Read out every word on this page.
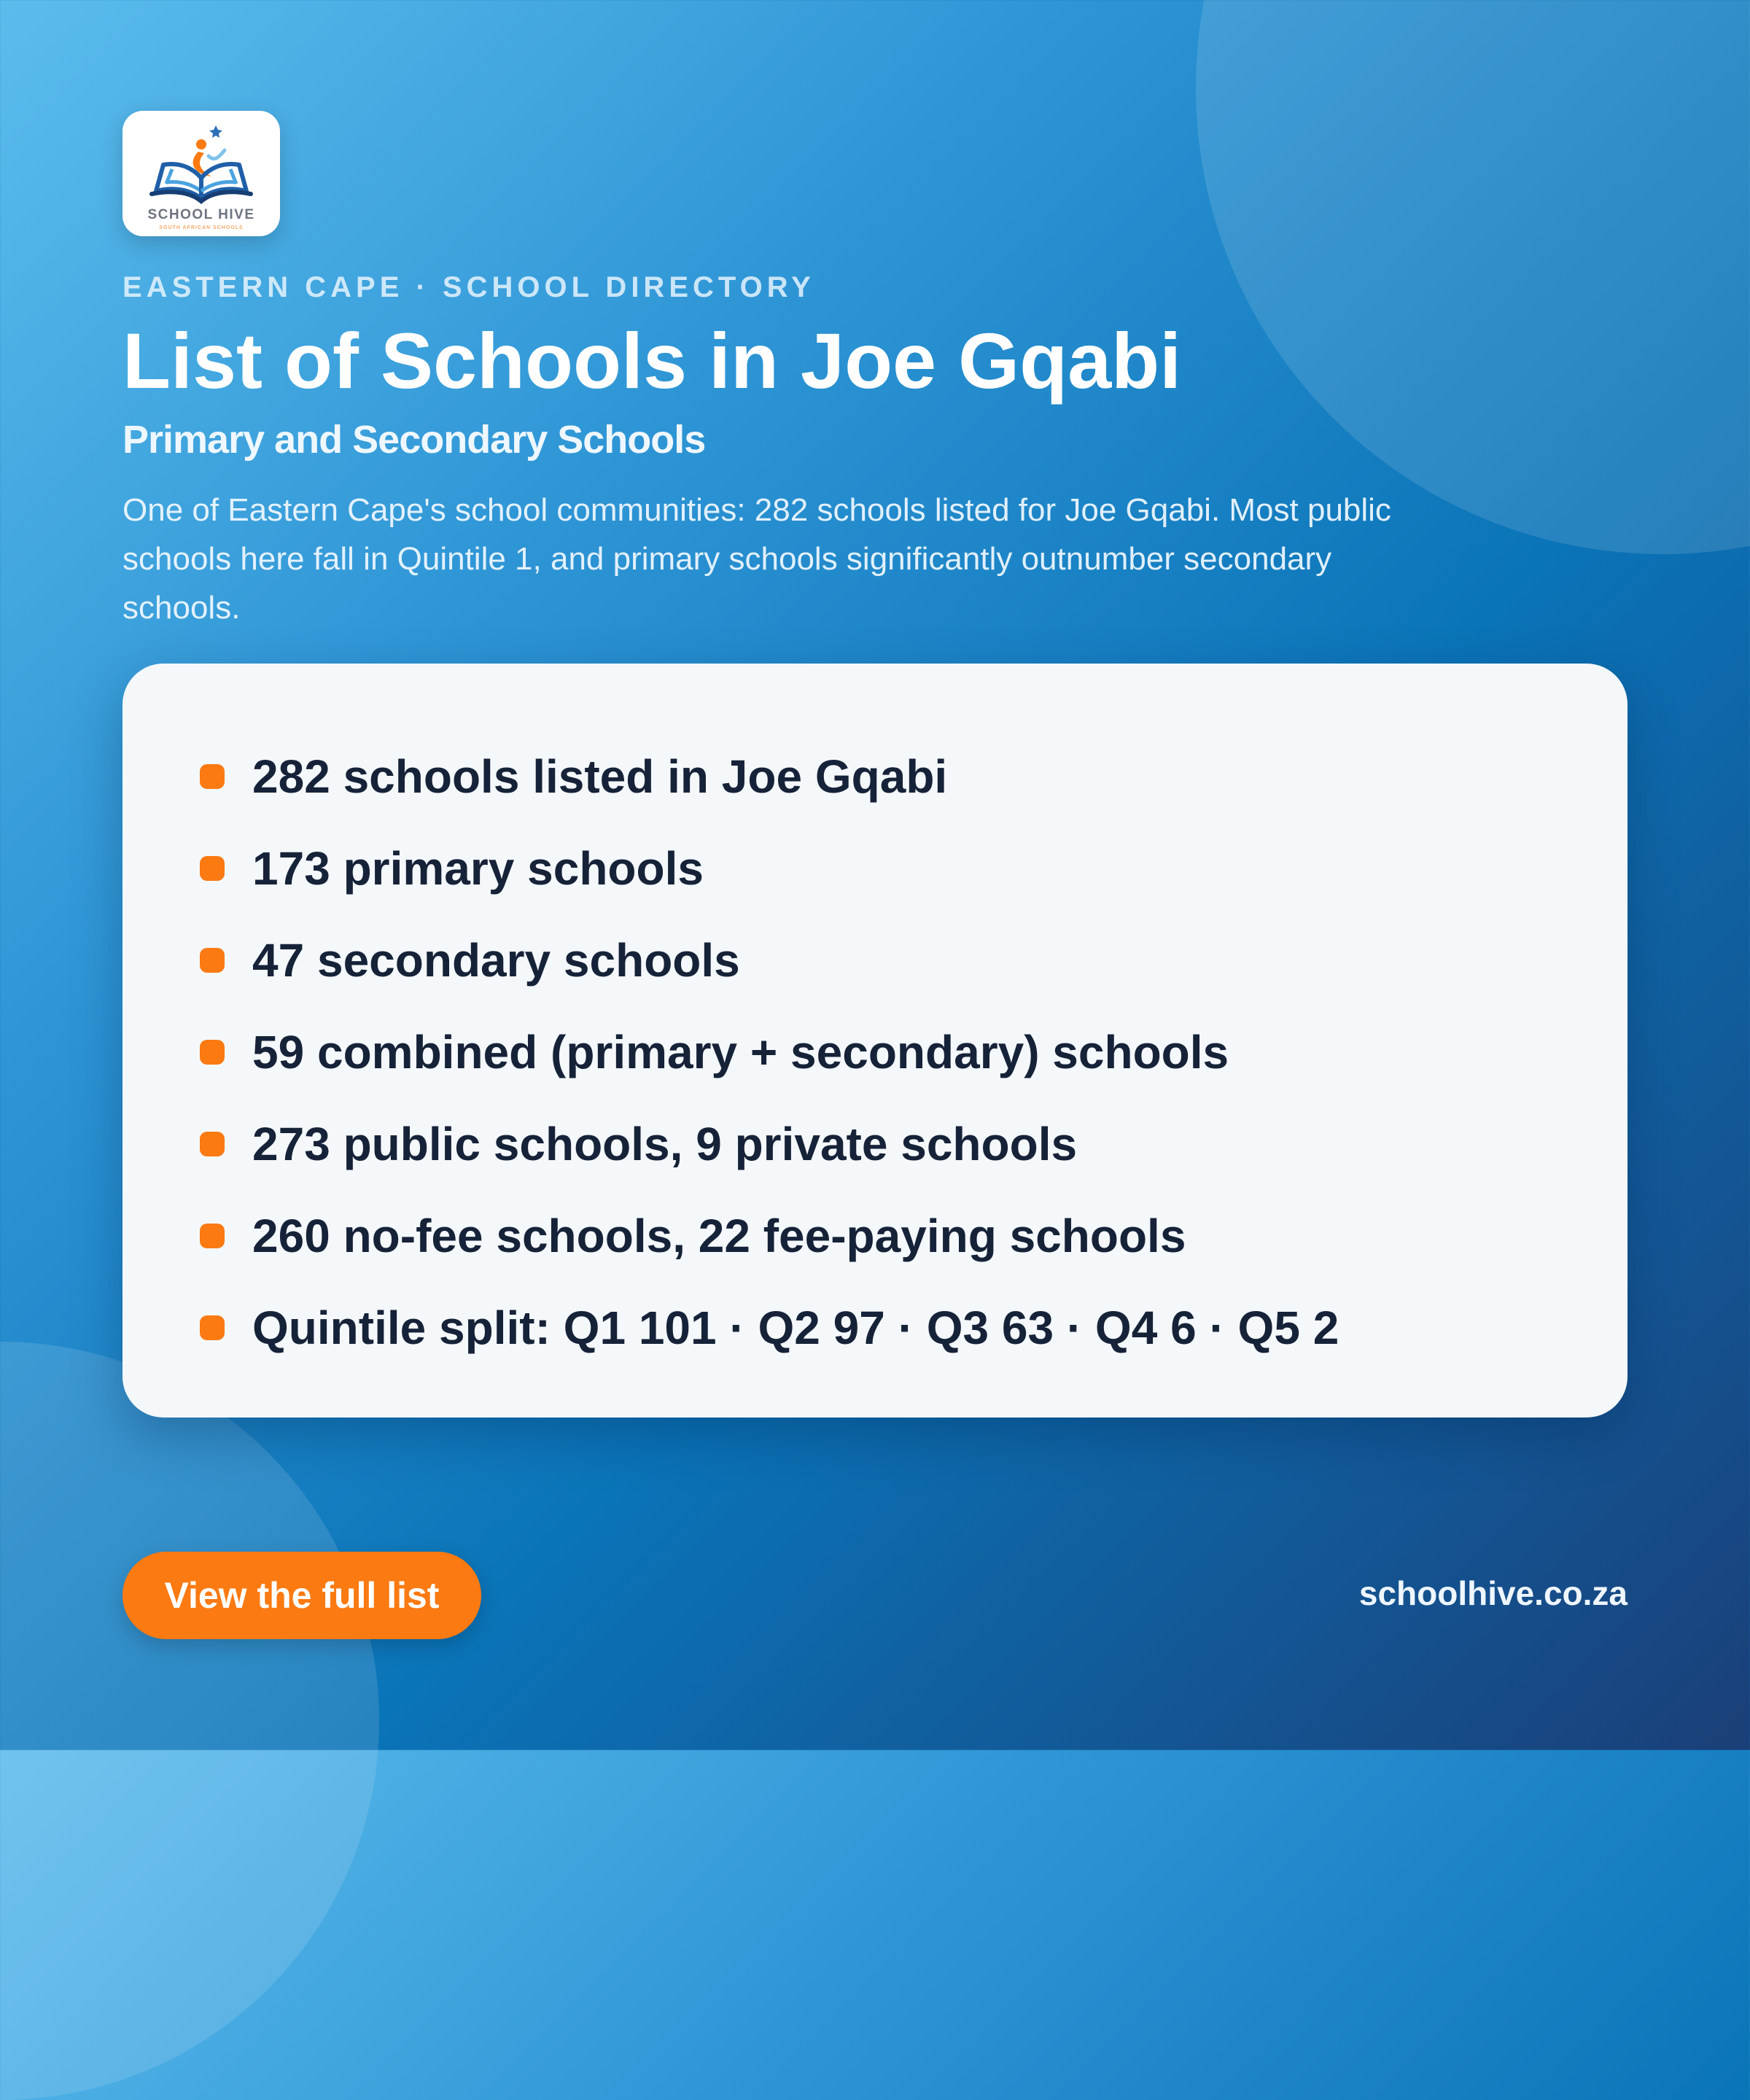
SCHOOL HIVE
SOUTH AFRICAN SCHOOLS

EASTERN CAPE · SCHOOL DIRECTORY

List of Schools in Joe Gqabi
Primary and Secondary Schools

One of Eastern Cape's school communities: 282 schools listed for Joe Gqabi. Most public schools here fall in Quintile 1, and primary schools significantly outnumber secondary schools.

282 schools listed in Joe Gqabi
173 primary schools
47 secondary schools
59 combined (primary + secondary) schools
273 public schools, 9 private schools
260 no-fee schools, 22 fee-paying schools
Quintile split: Q1 101 · Q2 97 · Q3 63 · Q4 6 · Q5 2
View the full list	schoolhive.co.za
